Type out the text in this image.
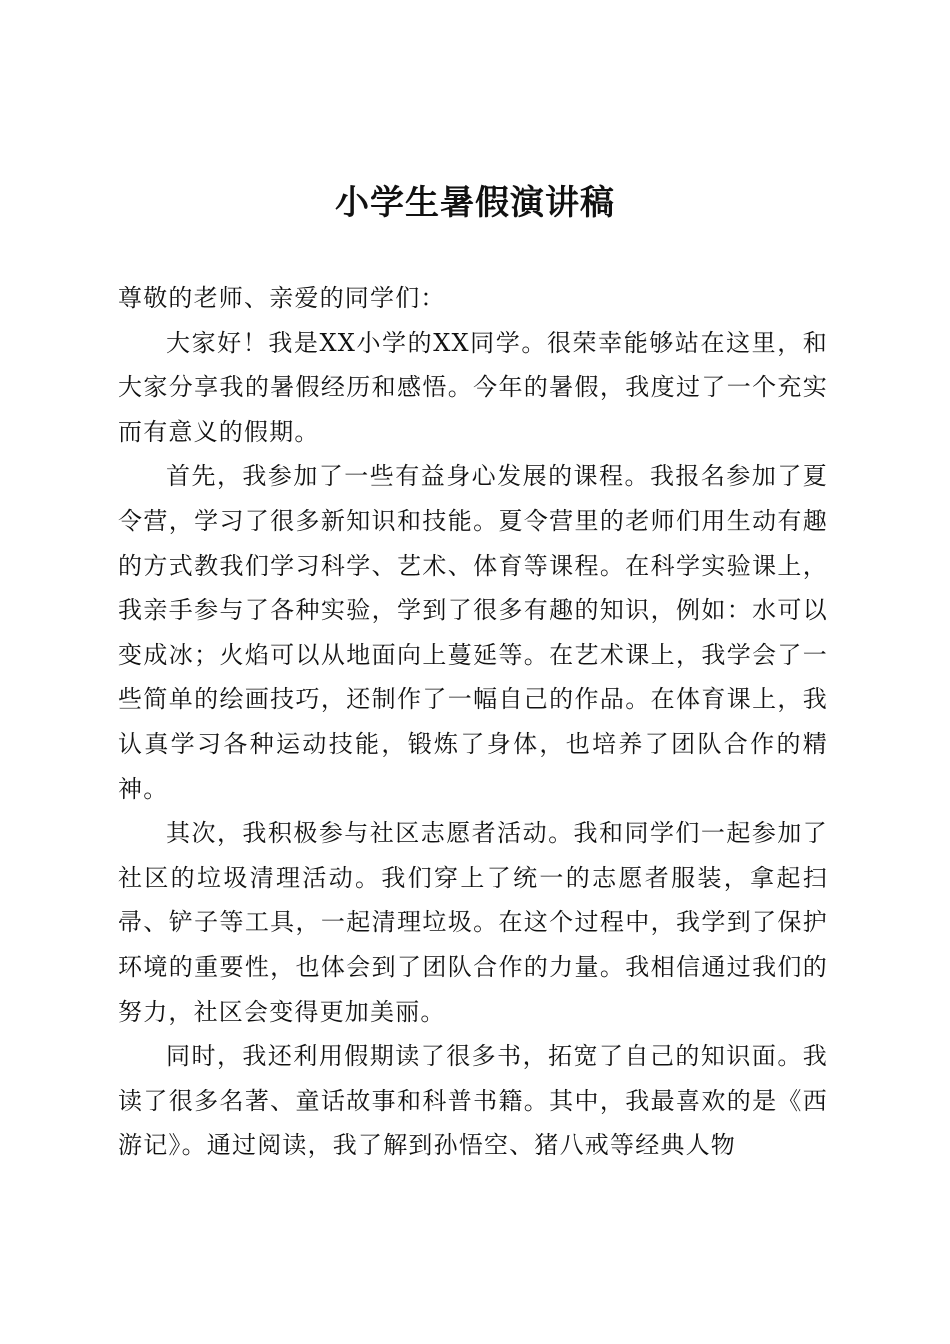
小学生暑假演讲稿

尊敬的老师、亲爱的同学们：

大家好！我是XX小学的XX同学。很荣幸能够站在这里，和大家分享我的暑假经历和感悟。今年的暑假，我度过了一个充实而有意义的假期。

首先，我参加了一些有益身心发展的课程。我报名参加了夏令营，学习了很多新知识和技能。夏令营里的老师们用生动有趣的方式教我们学习科学、艺术、体育等课程。在科学实验课上，我亲手参与了各种实验，学到了很多有趣的知识，例如：水可以变成冰；火焰可以从地面向上蔓延等。在艺术课上，我学会了一些简单的绘画技巧，还制作了一幅自己的作品。在体育课上，我认真学习各种运动技能，锻炼了身体，也培养了团队合作的精神。

其次，我积极参与社区志愿者活动。我和同学们一起参加了社区的垃圾清理活动。我们穿上了统一的志愿者服装，拿起扫帚、铲子等工具，一起清理垃圾。在这个过程中，我学到了保护环境的重要性，也体会到了团队合作的力量。我相信通过我们的努力，社区会变得更加美丽。

同时，我还利用假期读了很多书，拓宽了自己的知识面。我读了很多名著、童话故事和科普书籍。其中，我最喜欢的是《西游记》。通过阅读，我了解到孙悟空、猪八戒等经典人物
